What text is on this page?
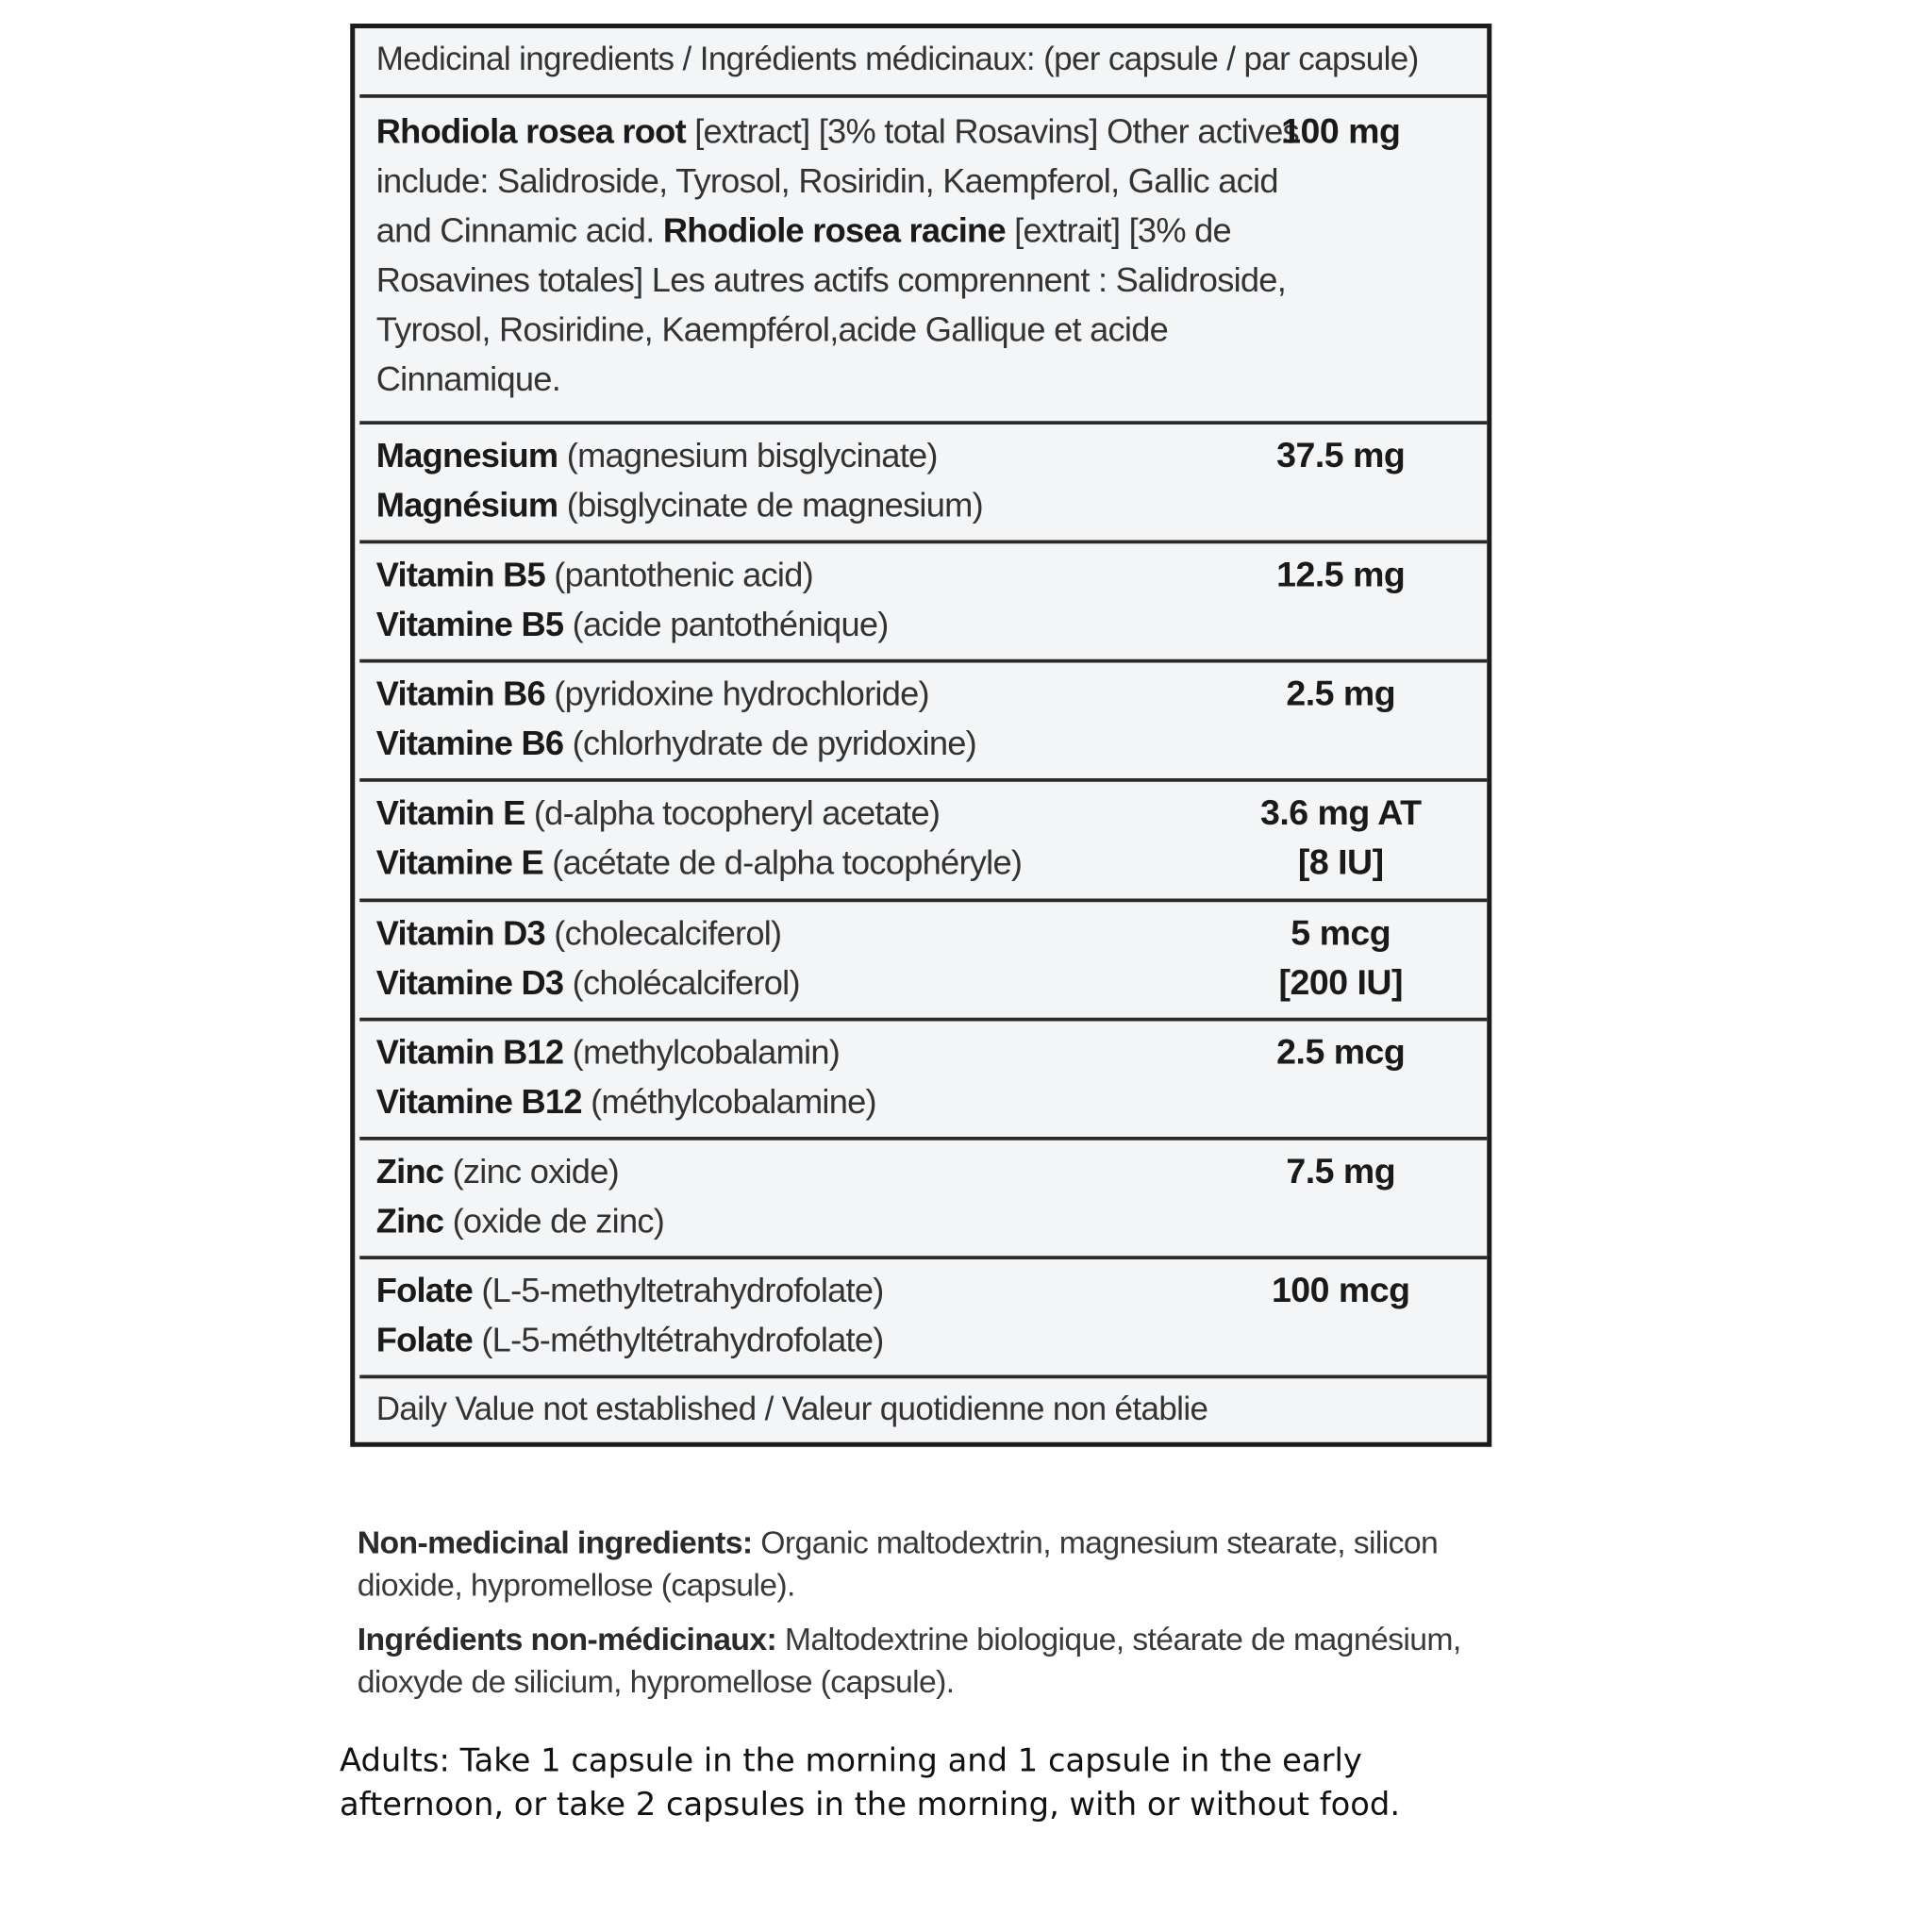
Medicinal ingredients / Ingrédients médicinaux: (per capsule / par capsule)
Rhodiola rosea root [extract] [3% total Rosavins] Other actives include: Salidroside, Tyrosol, Rosiridin, Kaempferol, Gallic acid and Cinnamic acid. Rhodiole rosea racine [extrait] [3% de Rosavines totales] Les autres actifs comprennent : Salidroside, Tyrosol, Rosiridine, Kaempférol,acide Gallique et acide Cinnamique.
100 mg
Magnesium (magnesium bisglycinate)
Magnésium (bisglycinate de magnesium)
37.5 mg
Vitamin B5 (pantothenic acid)
Vitamine B5 (acide pantothénique)
12.5 mg
Vitamin B6 (pyridoxine hydrochloride)
Vitamine B6 (chlorhydrate de pyridoxine)
2.5 mg
Vitamin E (d-alpha tocopheryl acetate)
Vitamine E (acétate de d-alpha tocophéryle)
3.6 mg AT
[8 IU]
Vitamin D3 (cholecalciferol)
Vitamine D3 (cholécalciferol)
5 mcg
[200 IU]
Vitamin B12 (methylcobalamin)
Vitamine B12 (méthylcobalamine)
2.5 mcg
Zinc (zinc oxide)
Zinc (oxide de zinc)
7.5 mg
Folate (L-5-methyltetrahydrofolate)
Folate (L-5-méthyltétrahydrofolate)
100 mcg
Daily Value not established / Valeur quotidienne non établie
Non-medicinal ingredients: Organic maltodextrin, magnesium stearate, silicon
dioxide, hypromellose (capsule).
Ingrédients non-médicinaux: Maltodextrine biologique, stéarate de magnésium,
dioxyde de silicium, hypromellose (capsule).
Adults: Take 1 capsule in the morning and 1 capsule in the early
afternoon, or take 2 capsules in the morning, with or without food.
